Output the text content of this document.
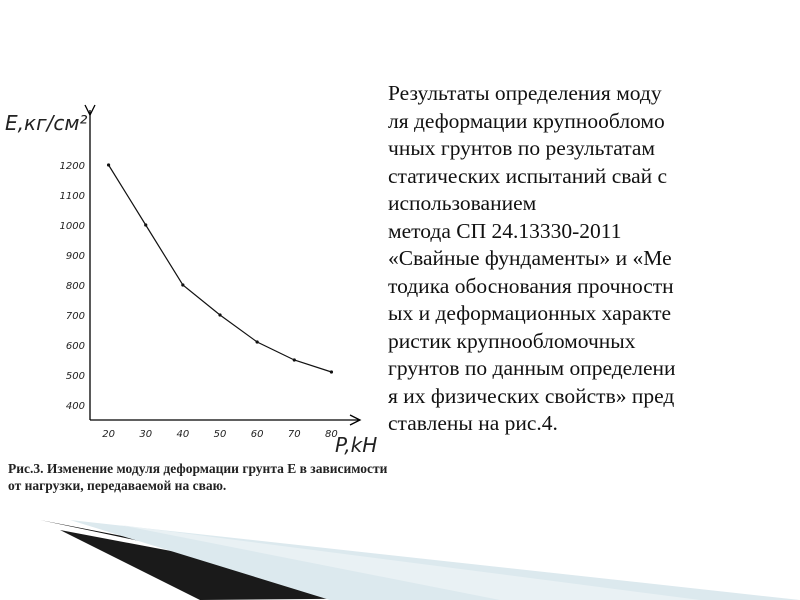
E,кг/см²
P,kH
1200
1100
1000
900
800
700
600
500
400
20 30 40 50 60 70 80
Рис.3. Изменение модуля деформации грунта Е в зависимости от нагрузки, передаваемой на сваю.
Результаты определения моду
ля деформации крупнообломо
чных грунтов по результатам
статических испытаний свай с
использованием
метода СП 24.13330-2011
«Свайные фундаменты» и «Ме
тодика обоснования прочностн
ых и деформационных характе
ристик крупнообломочных
грунтов по данным определени
я их физических свойств» пред
ставлены на рис.4.
